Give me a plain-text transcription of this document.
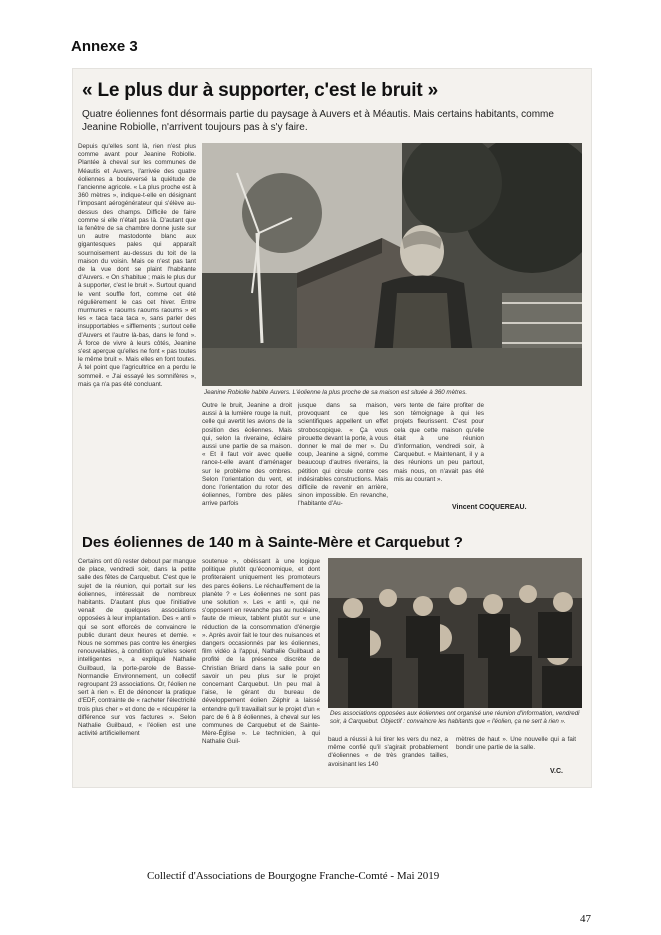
Annexe 3
« Le plus dur à supporter, c'est le bruit »
Quatre éoliennes font désormais partie du paysage à Auvers et à Méautis. Mais certains habitants, comme Jeanine Robiolle, n'arrivent toujours pas à s'y faire.
Depuis qu'elles sont là, rien n'est plus comme avant pour Jeanine Robiolle. Plantée à cheval sur les communes de Méautis et Auvers, l'arrivée des quatre éoliennes a bouleversé la quiétude de l'ancienne agricole. « La plus proche est à 360 mètres », indique-t-elle en désignant l'imposant aérogénérateur qui s'élève au-dessus des champs. Difficile de faire comme si elle n'était pas là. D'autant que la fenêtre de sa chambre donne juste sur un autre mastodonte blanc aux gigantesques pales qui apparaît sournoisement au-dessus du toit de la maison du voisin. Mais ce n'est pas tant de la vue dont se plaint l'habitante d'Auvers. « On s'habitue ; mais le plus dur à supporter, c'est le bruit ». Surtout quand le vent souffle fort, comme cet été régulièrement le cas cet hiver. Entre murmures « raoums raoums raoums » et les « taca taca taca », sans parler des insupportables « sifflements ; surtout celle d'Auvers et l'autre là-bas, dans le fond ». À force de vivre à leurs côtés, Jeanine s'est aperçue qu'elles ne font « pas toutes le même bruit ». Mais elles en font toutes. À tel point que l'agricultrice en a perdu le sommeil. « J'ai essayé les somnifères », mais ça n'a pas été concluant.
Jeanine Robiolle habite Auvers. L'éolienne la plus proche de sa maison est située à 360 mètres.
Outre le bruit, Jeanine a droit aussi à la lumière rouge la nuit, celle qui avertit les avions de la position des éoliennes. Mais qui, selon la riveraine, éclaire aussi une partie de sa maison. « Et il faut voir avec quelle rance-t-elle avant d'aménager sur le problème des ombres. Selon l'orientation du vent, et donc l'orientation du rotor des éoliennes, l'ombre des pâles arrive parfois
jusque dans sa maison, provoquant ce que les scientifiques appellent un effet stroboscopique. « Ça vous pirouette devant la porte, à vous donner le mal de mer ». Du coup, Jeanine a signé, comme beaucoup d'autres riverains, la pétition qui circule contre ces indésirables constructions. Mais difficile de revenir en arrière, sinon impossible. En revanche, l'habitante d'Au-
vers tente de faire profiter de son témoignage à qui les projets fleurissent. C'est pour cela que cette maison qu'elle était à une réunion d'information, vendredi soir, à Carquebut. « Maintenant, il y a des réunions un peu partout, mais nous, on n'avait pas été mis au courant ».
Vincent COQUEREAU.
Des éoliennes de 140 m à Sainte-Mère et Carquebut ?
Certains ont dû rester debout par manque de place, vendredi soir, dans la petite salle des fêtes de Carquebut. C'est que le sujet de la réunion, qui portait sur les éoliennes, intéressait de nombreux habitants. D'autant plus que l'initiative venait de quelques associations opposées à leur implantation. Des « anti » qui se sont efforcés de convaincre le public durant deux heures et demie. « Nous ne sommes pas contre les énergies renouvelables, à condition qu'elles soient intelligentes », a expliqué Nathalie Guilbaud, la porte-parole de Basse-Normandie Environnement, un collectif regroupant 23 associations. Or, l'éolien ne sert à rien ». Et de dénoncer la pratique d'EDF, contrainte de « racheter l'électricité trois plus cher » et donc de « récupérer la différence sur vos factures ». Selon Nathalie Guilbaud, « l'éolien est une activité artificiellement
soutenue », obéissant à une logique politique plutôt qu'économique, et dont profiteraient uniquement les promoteurs des parcs éoliens. Le réchauffement de la planète ? « Les éoliennes ne sont pas une solution ». Les « anti », qui ne s'opposent en revanche pas au nucléaire, faute de mieux, tablent plutôt sur « une réduction de la consommation d'énergie ». Après avoir fait le tour des nuisances et dangers occasionnés par les éoliennes, film vidéo à l'appui, Nathalie Guilbaud a profité de la présence discrète de Christian Briard dans la salle pour en savoir un peu plus sur le projet concernant Carquebut. Un peu mal à l'aise, le gérant du bureau de développement éolien Zéphir a laissé entendre qu'il travaillait sur le projet d'un « parc de 6 à 8 éoliennes, à cheval sur les communes de Carquebut et de Sainte-Mère-Église ». Le technicien, à qui Nathalie Guil-
Des associations opposées aux éoliennes ont organisé une réunion d'information, vendredi soir, à Carquebut. Objectif : convaincre les habitants que « l'éolien, ça ne sert à rien ».
baud a réussi à lui tirer les vers du nez, a même confié qu'il s'agirait probablement d'éoliennes « de très grandes tailles, avoisinant les 140
mètres de haut ». Une nouvelle qui a fait bondir une partie de la salle.
V.C.
Collectif d'Associations de Bourgogne Franche-Comté - Mai 2019
47
